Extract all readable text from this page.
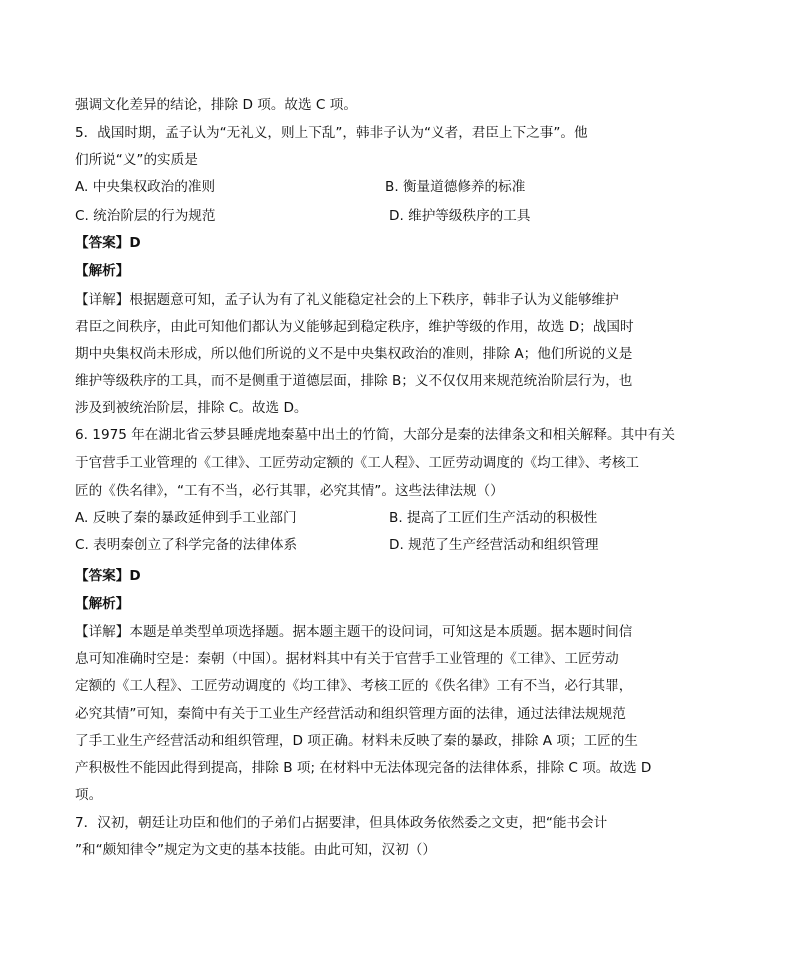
强调文化差异的结论，排除 D 项。故选 C 项。
5．战国时期，孟子认为“无礼义，则上下乱”，韩非子认为“义者，君臣上下之事”。他
们所说“义”的实质是
A. 中央集权政治的准则	B. 衡量道德修养的标准
C. 统治阶层的行为规范	D. 维护等级秩序的工具
【答案】D
【解析】
【详解】根据题意可知，孟子认为有了礼义能稳定社会的上下秩序，韩非子认为义能够维护
君臣之间秩序，由此可知他们都认为义能够起到稳定秩序，维护等级的作用，故选 D；战国时
期中央集权尚未形成，所以他们所说的义不是中央集权政治的准则，排除 A；他们所说的义是
维护等级秩序的工具，而不是侧重于道德层面，排除 B；义不仅仅用来规范统治阶层行为，也
涉及到被统治阶层，排除 C。故选 D。
6. 1975 年在湖北省云梦县睡虎地秦墓中出土的竹简，大部分是秦的法律条文和相关解释。其中有关
于官营手工业管理的《工律》、工匠劳动定额的《工人程》、工匠劳动调度的《均工律》、考核工
匠的《佚名律》，“工有不当，必行其罪，必究其情”。这些法律法规（）
A. 反映了秦的暴政延伸到手工业部门	B. 提高了工匠们生产活动的积极性
C. 表明秦创立了科学完备的法律体系	D. 规范了生产经营活动和组织管理
【答案】D
【解析】
【详解】本题是单类型单项选择题。据本题主题干的设问词，可知这是本质题。据本题时间信
息可知准确时空是：秦朝（中国）。据材料其中有关于官营手工业管理的《工律》、工匠劳动
定额的《工人程》、工匠劳动调度的《均工律》、考核工匠的《佚名律》工有不当，必行其罪，
必究其情”可知，秦简中有关于工业生产经营活动和组织管理方面的法律，通过法律法规规范
了手工业生产经营活动和组织管理，D 项正确。材料未反映了秦的暴政，排除 A 项；工匠的生
产积极性不能因此得到提高，排除 B 项; 在材料中无法体现完备的法律体系，排除 C 项。故选 D
项。
7．汉初，朝廷让功臣和他们的子弟们占据要津，但具体政务依然委之文吏，把“能书会计
”和“颇知律令”规定为文吏的基本技能。由此可知，汉初（）
